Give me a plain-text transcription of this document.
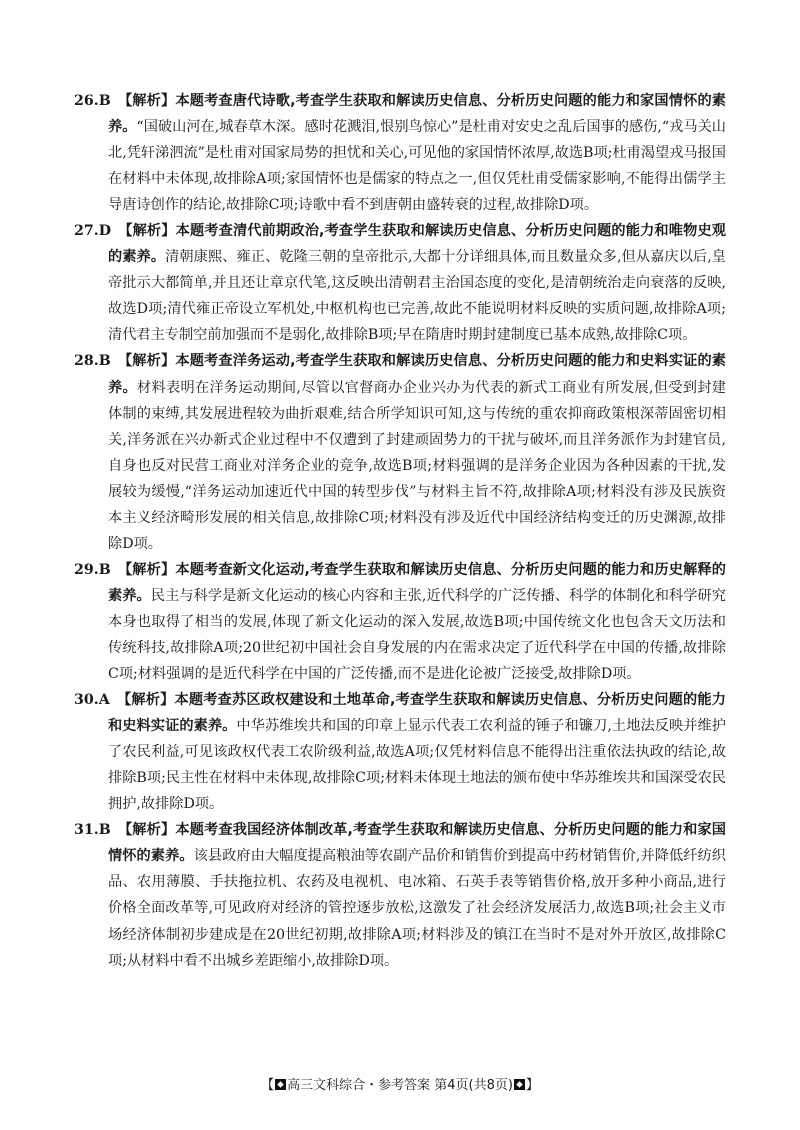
26.B  【解析】本题考查唐代诗歌,考查学生获取和解读历史信息、分析历史问题的能力和家国情怀的素养。“国破山河在,城春草木深。感时花溅泪,恨别鸟惊心”是杜甫对安史之乱后国事的感伤,“戎马关山北,凭轩涕泗流”是杜甫对国家局势的担忧和关心,可见他的家国情怀浓厚,故选B项;杜甫渴望戎马报国在材料中未体现,故排除A项;家国情怀也是儒家的特点之一,但仅凭杜甫受儒家影响,不能得出儒学主导唐诗创作的结论,故排除C项;诗歌中看不到唐朝由盛转衰的过程,故排除D项。

27.D  【解析】本题考查清代前期政治,考查学生获取和解读历史信息、分析历史问题的能力和唯物史观的素养。清朝康熙、雍正、乾隆三朝的皇帝批示,大都十分详细具体,而且数量众多,但从嘉庆以后,皇帝批示大都简单,并且还让章京代笔,这反映出清朝君主治国态度的变化,是清朝统治走向衰落的反映,故选D项;清代雍正帝设立军机处,中枢机构也已完善,故此不能说明材料反映的实质问题,故排除A项;清代君主专制空前加强而不是弱化,故排除B项;早在隋唐时期封建制度已基本成熟,故排除C项。

28.B  【解析】本题考查洋务运动,考查学生获取和解读历史信息、分析历史问题的能力和史料实证的素养。材料表明在洋务运动期间,尽管以官督商办企业兴办为代表的新式工商业有所发展,但受到封建体制的束缚,其发展进程较为曲折艰难,结合所学知识可知,这与传统的重农抑商政策根深蒂固密切相关,洋务派在兴办新式企业过程中不仅遭到了封建顽固势力的干扰与破坏,而且洋务派作为封建官员,自身也反对民营工商业对洋务企业的竞争,故选B项;材料强调的是洋务企业因为各种因素的干扰,发展较为缓慢,“洋务运动加速近代中国的转型步伐”与材料主旨不符,故排除A项;材料没有涉及民族资本主义经济畸形发展的相关信息,故排除C项;材料没有涉及近代中国经济结构变迁的历史渊源,故排除D项。

29.B  【解析】本题考查新文化运动,考查学生获取和解读历史信息、分析历史问题的能力和历史解释的素养。民主与科学是新文化运动的核心内容和主张,近代科学的广泛传播、科学的体制化和科学研究本身也取得了相当的发展,体现了新文化运动的深入发展,故选B项;中国传统文化也包含天文历法和传统科技,故排除A项;20世纪初中国社会自身发展的内在需求决定了近代科学在中国的传播,故排除C项;材料强调的是近代科学在中国的广泛传播,而不是进化论被广泛接受,故排除D项。

30.A  【解析】本题考查苏区政权建设和土地革命,考查学生获取和解读历史信息、分析历史问题的能力和史料实证的素养。中华苏维埃共和国的印章上显示代表工农利益的锤子和镰刀,土地法反映并维护了农民利益,可见该政权代表工农阶级利益,故选A项;仅凭材料信息不能得出注重依法执政的结论,故排除B项;民主性在材料中未体现,故排除C项;材料未体现土地法的颁布使中华苏维埃共和国深受农民拥护,故排除D项。

31.B  【解析】本题考查我国经济体制改革,考查学生获取和解读历史信息、分析历史问题的能力和家国情怀的素养。该县政府由大幅度提高粮油等农副产品价和销售价到提高中药材销售价,并降低纤纺织品、农用薄膜、手扶拖拉机、农药及电视机、电冰箱、石英手表等销售价格,放开多种小商品,进行价格全面改革等,可见政府对经济的管控逐步放松,这激发了社会经济发展活力,故选B项;社会主义市场经济体制初步建成是在20世纪初期,故排除A项;材料涉及的镇江在当时不是对外开放区,故排除C项;从材料中看不出城乡差距缩小,故排除D项。

【 高三文科综合・参考答案 第4页(共8页) 】
